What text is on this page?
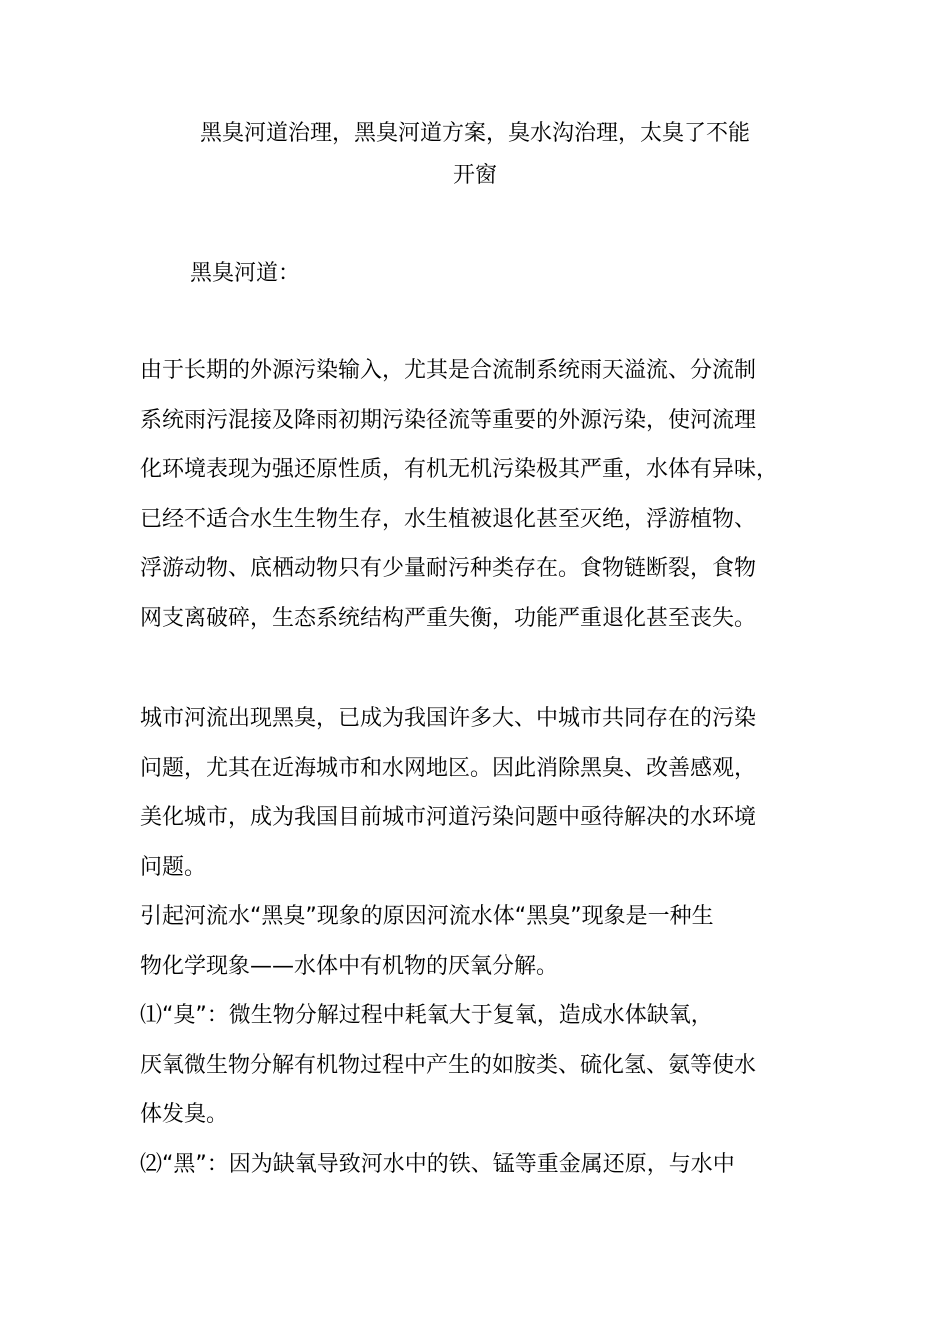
黑臭河道治理，黑臭河道方案，臭水沟治理，太臭了不能
开窗
黑臭河道：
由于长期的外源污染输入，尤其是合流制系统雨天溢流、分流制
系统雨污混接及降雨初期污染径流等重要的外源污染，使河流理
化环境表现为强还原性质，有机无机污染极其严重，水体有异味，
已经不适合水生生物生存，水生植被退化甚至灭绝，浮游植物、
浮游动物、底栖动物只有少量耐污种类存在。食物链断裂，食物
网支离破碎，生态系统结构严重失衡，功能严重退化甚至丧失。
城市河流出现黑臭，已成为我国许多大、中城市共同存在的污染
问题，尤其在近海城市和水网地区。因此消除黑臭、改善感观，
美化城市，成为我国目前城市河道污染问题中亟待解决的水环境
问题。
引起河流水“黑臭”现象的原因河流水体“黑臭”现象是一种生
物化学现象——水体中有机物的厌氧分解。
⑴“臭”：微生物分解过程中耗氧大于复氧，造成水体缺氧，
厌氧微生物分解有机物过程中产生的如胺类、硫化氢、氨等使水
体发臭。
⑵“黑”：因为缺氧导致河水中的铁、锰等重金属还原，与水中
